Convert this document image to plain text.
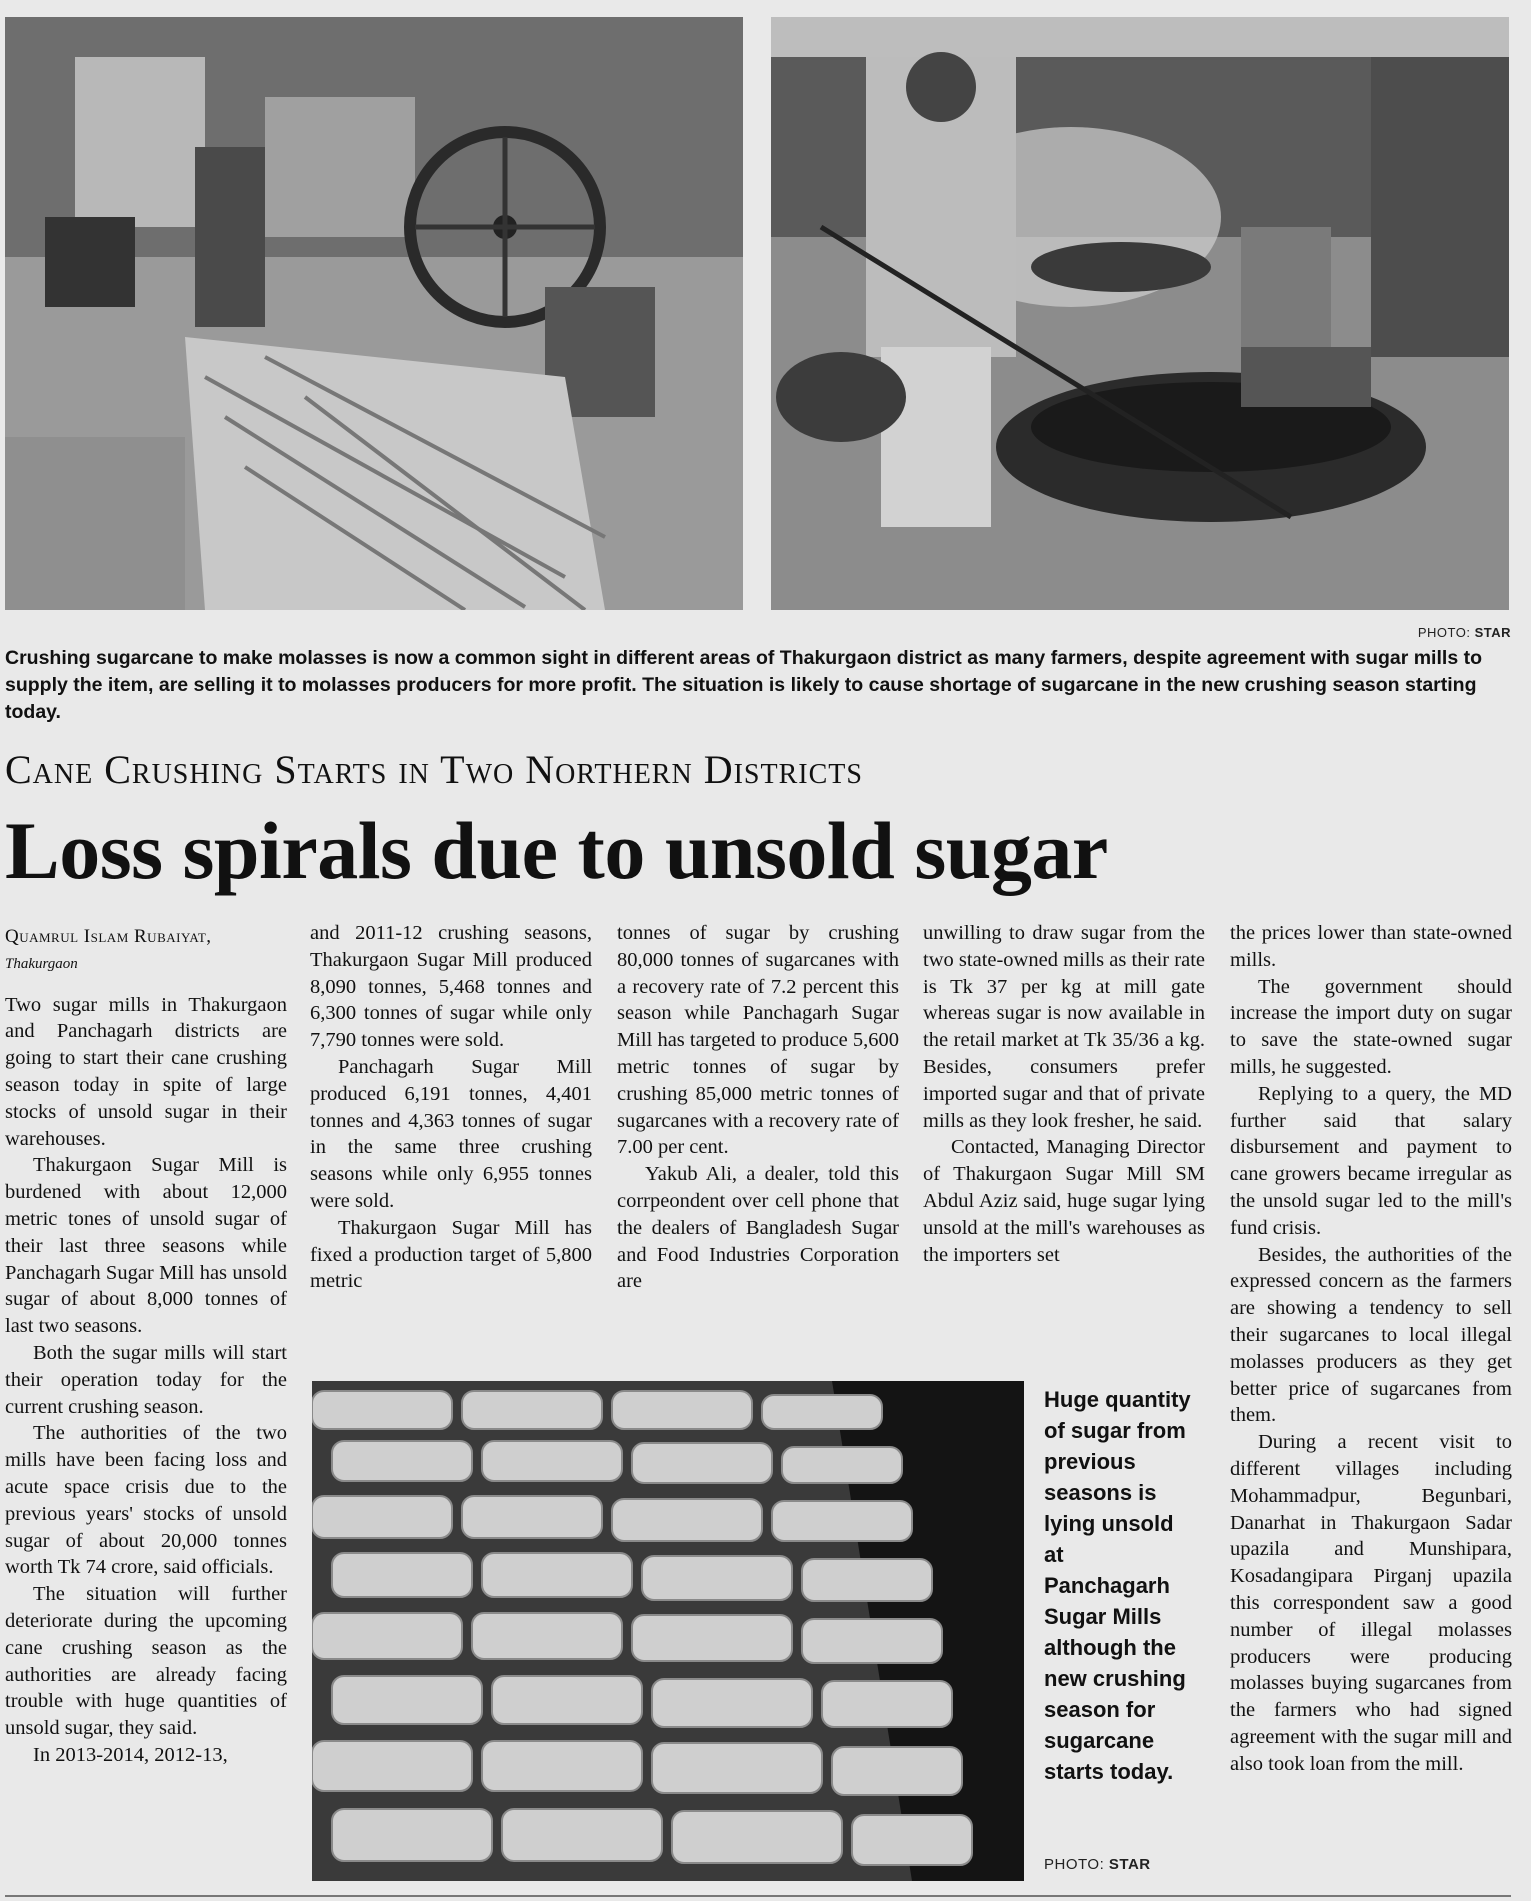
PHOTO: STAR

Crushing sugarcane to make molasses is now a common sight in different areas of Thakurgaon district as many farmers, despite agreement with sugar mills to supply the item, are selling it to molasses producers for more profit. The situation is likely to cause shortage of sugarcane in the new crushing season starting today.

Cane Crushing Starts in Two Northern Districts
Loss spirals due to unsold sugar

Quamrul Islam Rubaiyat,

Thakurgaon

Two sugar mills in Thakurgaon and Panchagarh districts are going to start their cane crushing season today in spite of large stocks of unsold sugar in their warehouses.

Thakurgaon Sugar Mill is burdened with about 12,000 metric tones of unsold sugar of their last three seasons while Panchagarh Sugar Mill has unsold sugar of about 8,000 tonnes of last two seasons.

Both the sugar mills will start their operation today for the current crushing season.

The authorities of the two mills have been facing loss and acute space crisis due to the previous years' stocks of unsold sugar of about 20,000 tonnes worth Tk 74 crore, said officials.

The situation will further deteriorate during the upcoming cane crushing season as the authorities are already facing trouble with huge quantities of unsold sugar, they said.

In 2013-2014, 2012-13,

and 2011-12 crushing seasons, Thakurgaon Sugar Mill produced 8,090 tonnes, 5,468 tonnes and 6,300 tonnes of sugar while only 7,790 tonnes were sold.

Panchagarh Sugar Mill produced 6,191 tonnes, 4,401 tonnes and 4,363 tonnes of sugar in the same three crushing seasons while only 6,955 tonnes were sold.

Thakurgaon Sugar Mill has fixed a production target of 5,800 metric

tonnes of sugar by crushing 80,000 tonnes of sugarcanes with a recovery rate of 7.2 percent this season while Panchagarh Sugar Mill has targeted to produce 5,600 metric tonnes of sugar by crushing 85,000 metric tonnes of sugarcanes with a recovery rate of 7.00 per cent.

Yakub Ali, a dealer, told this corrpeondent over cell phone that the dealers of Bangladesh Sugar and Food Industries Corporation are

unwilling to draw sugar from the two state-owned mills as their rate is Tk 37 per kg at mill gate whereas sugar is now available in the retail market at Tk 35/36 a kg. Besides, consumers prefer imported sugar and that of private mills as they look fresher, he said.

Contacted, Managing Director of Thakurgaon Sugar Mill SM Abdul Aziz said, huge sugar lying unsold at the mill's warehouses as the importers set

the prices lower than state-owned mills.

The government should increase the import duty on sugar to save the state-owned sugar mills, he suggested.

Replying to a query, the MD further said that salary disbursement and payment to cane growers became irregular as the unsold sugar led to the mill's fund crisis.

Besides, the authorities of the expressed concern as the farmers are showing a tendency to sell their sugarcanes to local illegal molasses producers as they get better price of sugarcanes from them.

During a recent visit to different villages including Mohammadpur, Begunbari, Danarhat in Thakurgaon Sadar upazila and Munshipara, Kosadangipara Pirganj upazila this correspondent saw a good number of illegal molasses producers were producing molasses buying sugarcanes from the farmers who had signed agreement with the sugar mill and also took loan from the mill.

Huge quantity of sugar from previous seasons is lying unsold at Panchagarh Sugar Mills although the new crushing season for sugarcane starts today.

PHOTO: STAR
